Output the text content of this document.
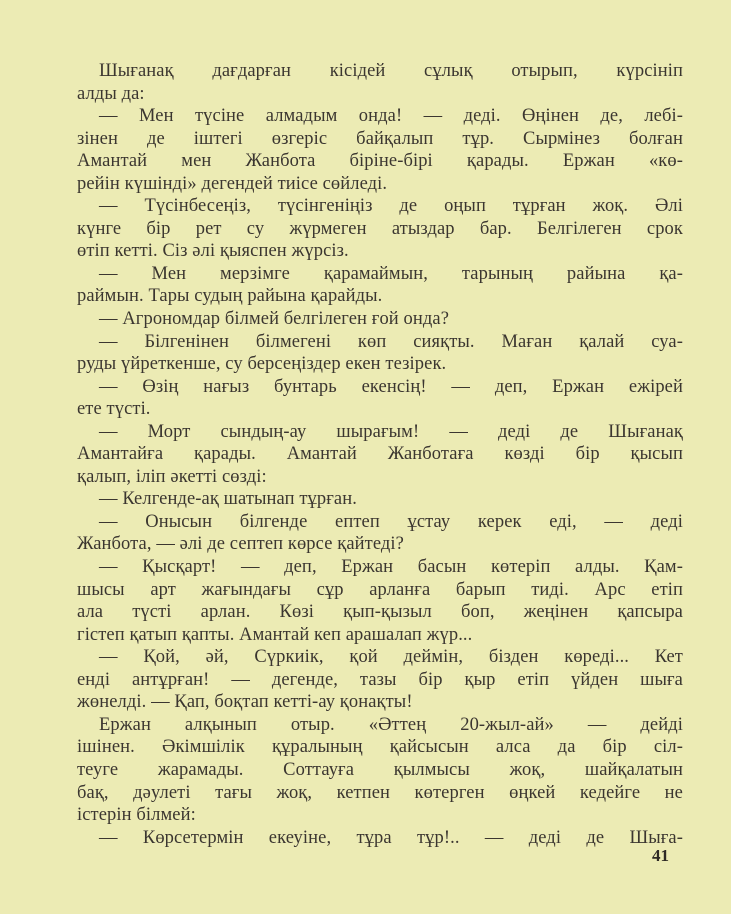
Шығанақ дағдарған кісідей сұлық отырып, күрсініп
алды да:
— Мен түсіне алмадым онда! — деді. Өңінен де, лебі-
зінен де іштегі өзгеріс байқалып тұр. Сырмінез болған
Амантай мен Жанбота біріне-бірі қарады. Ержан «кө-
рейін күшінді» дегендей тиісе сөйледі.
— Түсінбесеңіз, түсінгеніңіз де оңып тұрған жоқ. Әлі
күнге бір рет су жүрмеген атыздар бар. Белгілеген срок
өтіп кетті. Сіз әлі қыяспен жүрсіз.
— Мен мерзімге қарамаймын, тарының райына қа-
раймын. Тары судың райына қарайды.
— Агрономдар білмей белгілеген ғой онда?
— Білгенінен білмегені көп сияқты. Маған қалай суа-
руды үйреткенше, су берсеңіздер екен тезірек.
— Өзің нағыз бунтарь екенсің! — деп, Ержан ежірей
ете түсті.
— Морт сындың-ау шырағым! — деді де Шығанақ
Амантайға қарады. Амантай Жанботаға көзді бір қысып
қалып, іліп әкетті сөзді:
— Келгенде-ақ шатынап тұрған.
— Онысын білгенде ептеп ұстау керек еді, — деді
Жанбота, — әлі де септеп көрсе қайтеді?
— Қысқарт! — деп, Ержан басын көтеріп алды. Қам-
шысы арт жағындағы сұр арланға барып тиді. Арс етіп
ала түсті арлан. Көзі қып-қызыл боп, жеңінен қапсыра
гістеп қатып қапты. Амантай кеп арашалап жүр...
— Қой, әй, Сүркиік, қой деймін, бізден көреді... Кет
енді антұрған! — дегенде, тазы бір қыр етіп үйден шыға
жөнелді. — Қап, боқтап кетті-ау қонақты!
Ержан алқынып отыр. «Әттең 20-жыл-ай» — дейді
ішінен. Әкімшілік құралының қайсысын алса да бір сіл-
теуге жарамады. Соттауға қылмысы жоқ, шайқалатын
бақ, дәулеті тағы жоқ, кетпен көтерген өңкей кедейге не
істерін білмей:
— Көрсетермін екеуіне, тұра тұр!.. — деді де Шыға-
41
